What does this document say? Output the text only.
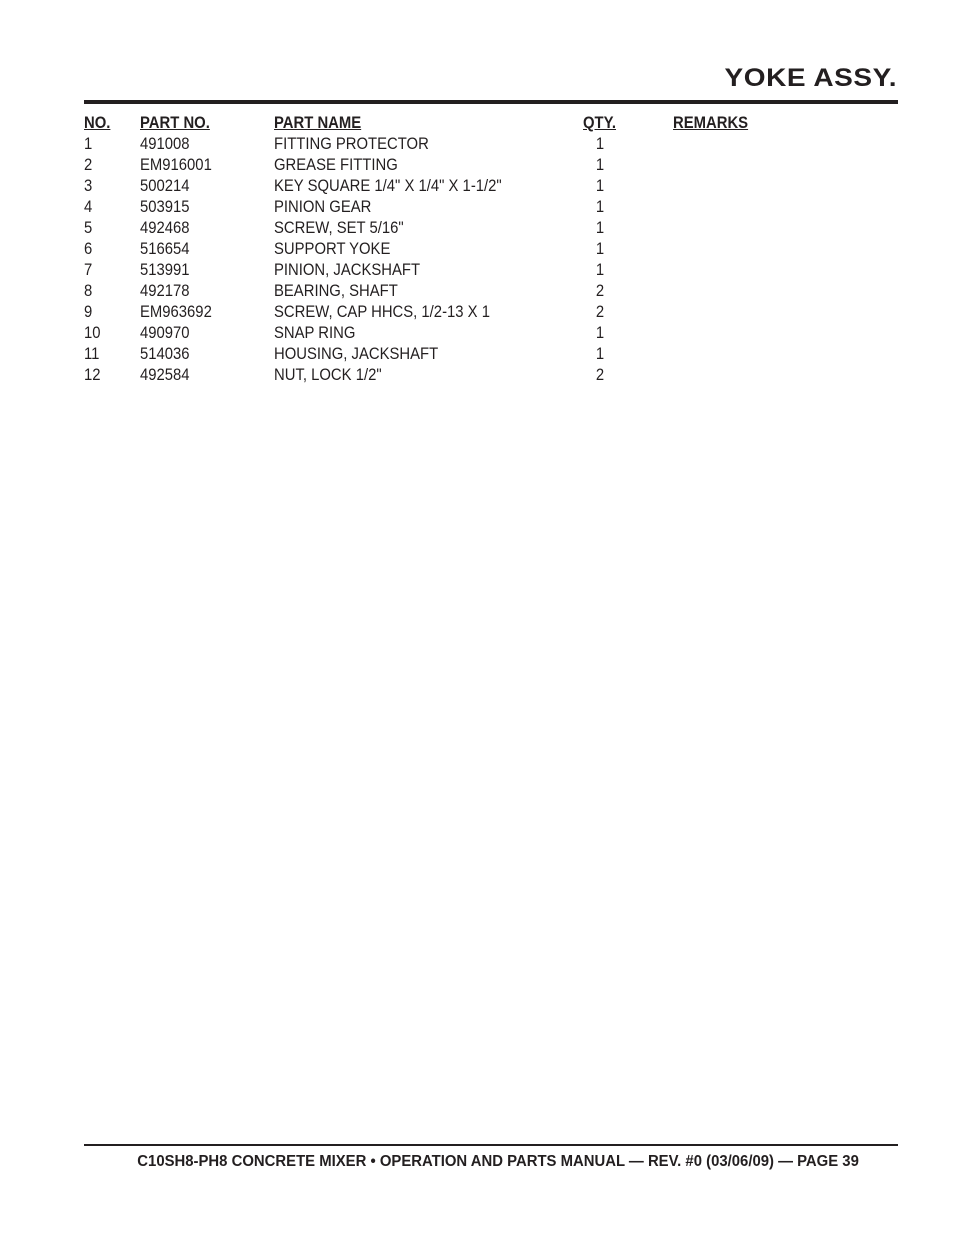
YOKE ASSY.
NO. PART NO.	PART NAME	QTY.	REMARKS
1	491008	FITTING PROTECTOR	1
2	EM916001	GREASE FITTING	1
3	500214	KEY SQUARE 1/4" X 1/4" X 1-1/2"	1
4	503915	PINION GEAR	1
5	492468	SCREW, SET 5/16"	1
6	516654	SUPPORT YOKE	1
7	513991	PINION, JACKSHAFT	1
8	492178	BEARING, SHAFT	2
9	EM963692	SCREW, CAP HHCS, 1/2-13 X 1	2
10 490970	SNAP RING	1
11 514036	HOUSING, JACKSHAFT	1
12 492584	NUT, LOCK 1/2"	2
C10SH8-PH8 CONCRETE MIXER • OPERATION AND PARTS MANUAL — REV. #0 (03/06/09) — PAGE 39
